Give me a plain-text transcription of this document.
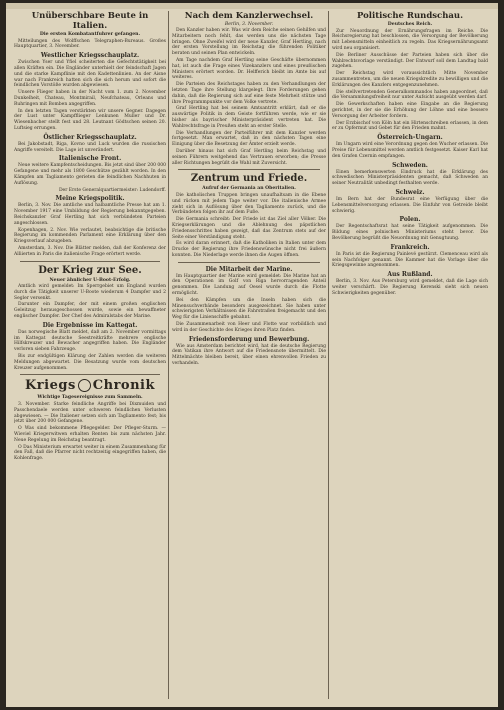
Unüberschbare Beute in Italien.
Die ersten Kombatantfuhrer gefangen.
Mitteilungen des Wolffschen Telegraphen-Bureaus. Großes Hauptquartier, 3. November.
Westlicher Kriegsschauplatz.
Zwischen Yser und Yfiel scheiterten die Gefechtstätigkeit bei allen Kräften ein. Die Engländer unterhielt der feindschaft Jagen und die starke Kampflinie mit den Kadettenlinien. An der Aisne war nach Frankreich hatten sich die sich herum und sofort die feindlichen Vorstöße wurden abgewiesen.
Unsere Flieger haben in der Nacht vom 1. zum 2. November Dunkelheit, Chateau, Montmirail, Neufchateau, Orleans und Ruhringen mit Bomben angegriffen.
In den letzten Tagen verstärkten wir unsere Gegner. Dagegen der Lust unter Kampfflieger Lenkunen Muller und Dr. Wiesenbacher stellt fest und 28. Leutnant Gödtschen seinen 20. Luftsieg errungen.
Östlicher Kriegsschauplatz.
Bei Jakobstadt, Riga, Kovno und Luck wurden die russischen Angriffe vereitelt. Die Lage ist unverändert.
Italienische Front.
Neue weitere Kampfentscheidungen. Bis jetzt sind über 200 000 Gefangene und mehr als 1800 Geschütze gezählt worden. In den Kämpfen am Tagliamento gerieten die feindlichen Nachhuten in Auflösung.
Der Erste Generalquartiermeister: Ludendorff.
Meine Kriegspolitik.
Berlin, 3. Nov. Die amtliche und halbamtliche Presse hat am 1. November 1917 eine Umbildung der Regierung bekanntgegeben. Reichskanzler Graf Hertling hat sich verbündeten Parteien angeschlossen.
Kopenhagen, 2. Nov. Wie verlautet, beabsichtige die britische Regierung im kommenden Parlament eine Erklärung über den Kriegsverlauf abzugeben.
Amsterdam, 3. Nov. Die Blätter melden, daß der Konferenz der Alliierten in Paris die italienische Frage erörtert werde.
Der Krieg zur See.
Neuer ähnlicher U-Boot-Erfolg.
Amtlich wird gemeldet: Im Sperrgebiet um England wurden durch die Tätigkeit unserer U-Boote wiederum 4 Dampfer und 2 Segler versenkt.
Darunter ein Dampfer, der mit einem großen englischen Geleitzug herausgeschossen wurde, sowie ein bewaffneter englischer Dampfer. Der Chef des Admiralstabs der Marine.
Die Ergebnisse im Kattegat.
Das norwegische Blatt meldet, daß am 2. November vormittags im Kattegat deutsche Seestreitkräfte mehrere englische Hilfskreuzer und Bewacher angegriffen haben. Die Engländer verloren sieben Fahrzeuge.
Bis zur endgültigen Klärung der Zahlen werden die weiteren Meldungen abgewartet. Die Besatzung wurde vom deutschen Kreuzer aufgenommen.
Kriegs Chronik
Wichtige Tagesereignisse zum Sammeln.
3. November. Starke feindliche Angriffe bei Dixmuiden und Passchendaele werden unter schweren feindlichen Verlusten abgewiesen. — Die Italiener setzen sich am Tagliamento fest; bis jetzt über 200 000 Gefangene.
O Was sind bekommene Pflegegelder. Der Pfleger-Sturm. — Wieviel Kriegerwitwen erhalten Renten bis zum nächsten Jahr. Neue Regelung im Reichstag beantragt.
O Das Ministerium erwartet weiter in einem Zusammenhang für den Fall, daß die Pfarrer nicht rechtzeitig eingegriffen haben, die Kohlenfrage.
Nach dem Kanzlerwechsel.
Berlin, 3. November.
Den Kanzler haben wir. Was wir dem Reiche seinen Gehilfen und Mitarbeitern noch fehlt, das werden uns die nächsten Tage bringen. Ohne Zweifel wird der neue Kanzler, Graf Hertling, nach der ersten Vorstellung im Reichstag die führenden Politiker beraten und seinen Plan entwickeln.
Am Tage nachdem Graf Hertling seine Geschäfte übernommen hat, ist auch die Frage eines Vizekanzlers und eines preußischen Ministers erörtert worden. Dr. Helfferich bleibt im Amte bis auf weiteres.
Die Parteien des Reichstages haben zu den Verhandlungen der letzten Tage ihre Stellung klargelegt. Ihre Forderungen gehen dahin, daß die Regierung sich auf eine feste Mehrheit stütze und ihre Programmpunkte vor dem Volke vertrete.
Graf Hertling hat bei seinem Amtsantritt erklärt, daß er die auswärtige Politik in dem Geiste fortführen werde, wie er sie bisher als bayrischer Ministerpräsident vertreten hat. Die Wahlrechtsfrage in Preußen steht an erster Stelle.
Die Verhandlungen der Parteiführer mit dem Kanzler werden fortgesetzt. Man erwartet, daß in den nächsten Tagen eine Einigung über die Besetzung der Ämter erzielt werde.
Darüber hinaus hat sich Graf Hertling beim Reichstag und seinen Führern weitgehend das Vertrauen erworben; die Presse aller Richtungen begrüßt die Wahl mit Zuversicht.
Zentrum und Friede.
Aufruf der Germania an Oberitalien.
Die katholischen Truppen bringen unaufhaltsam in die Ebene und rücken mit jedem Tage weiter vor. Die italienische Armee zieht sich in Auflösung über den Tagliamento zurück, und die Verbündeten folgen ihr auf dem Fuße.
Die Germania schreibt: Der Friede ist das Ziel aller Völker. Die Kriegserklärungen und die Ablehnung des päpstlichen Friedensschrittes haben gezeigt, daß das Zentrum stets auf der Seite einer Verständigung steht.
Es wird daran erinnert, daß die Katholiken in Italien unter dem Drucke der Regierung ihre Friedenswünsche nicht frei äußern konnten. Die Niederlage werde ihnen die Augen öffnen.
Die Mitarbeit der Marine.
Im Hauptquartier der Marine wird gemeldet: Die Marine hat an den Operationen im Golf von Riga hervorragenden Anteil genommen. Die Landung auf Oesel wurde durch die Flotte ermöglicht.
Bei den Kämpfen um die Inseln haben sich die Minensuchverbände besonders ausgezeichnet. Sie haben unter schwierigsten Verhältnissen die Fahrstraßen freigemacht und den Weg für die Linienschiffe gebahnt.
Die Zusammenarbeit von Heer und Flotte war vorbildlich und wird in der Geschichte des Krieges ihren Platz finden.
Friedensforderung und Bewerbung.
Wie aus Amsterdam berichtet wird, hat die deutsche Regierung dem Vatikan ihre Antwort auf die Friedensnote übermittelt. Die Mittelmächte bleiben bereit, über einen ehrenvollen Frieden zu verhandeln.
Politische Rundschau.
Deutsches Reich.
Zur Neuordnung der Ernährungsfragen im Reiche. Die Reichsregierung hat beschlossen, die Versorgung der Bevölkerung mit Lebensmitteln einheitlich zu regeln. Das Kriegsernährungsamt wird neu organisiert.
Die Berliner Ausschüsse der Parteien haben sich über die Wahlrechtsvorlage verständigt. Der Entwurf soll dem Landtag bald zugehen.
Der Reichstag wird voraussichtlich Mitte November zusammentreten, um die neuen Kriegskredite zu bewilligen und die Erklärungen des Kanzlers entgegenzunehmen.
Die stellvertretenden Generalkommandos haben angeordnet, daß die Versammlungsfreiheit nur unter Aufsicht ausgeübt werden darf.
Die Gewerkschaften haben eine Eingabe an die Regierung gerichtet, in der sie die Erhöhung der Löhne und eine bessere Versorgung der Arbeiter fordern.
Der Erzbischof von Köln hat ein Hirtenschreiben erlassen, in dem er zu Opfermut und Gebet für den Frieden mahnt.
Österreich-Ungarn.
Im Ungarn wird eine Verordnung gegen den Wucher erlassen. Die Preise für Lebensmittel werden amtlich festgesetzt. Kaiser Karl hat den Grafen Czernin empfangen.
Schweden.
Einen bemerkenswerten Eindruck hat die Erklärung des schwedischen Ministerpräsidenten gemacht, daß Schweden an seiner Neutralität unbedingt festhalten werde.
Schweiz.
Im Bern hat der Bundesrat eine Verfügung über die Lebensmittelversorgung erlassen. Die Einfuhr von Getreide bleibt schwierig.
Polen.
Der Regentschaftsrat hat seine Tätigkeit aufgenommen. Die Bildung eines polnischen Ministeriums steht bevor. Die Bevölkerung begrüßt die Neuordnung mit Genugtuung.
Frankreich.
In Paris ist die Regierung Painlevé gestürzt. Clemenceau wird als sein Nachfolger genannt. Die Kammer hat die Vorlage über die Kriegsgewinne angenommen.
Aus Rußland.
Berlin, 3. Nov. Aus Petersburg wird gemeldet, daß die Lage sich weiter verschärft. Die Regierung Kerenski sieht sich neuen Schwierigkeiten gegenüber.
